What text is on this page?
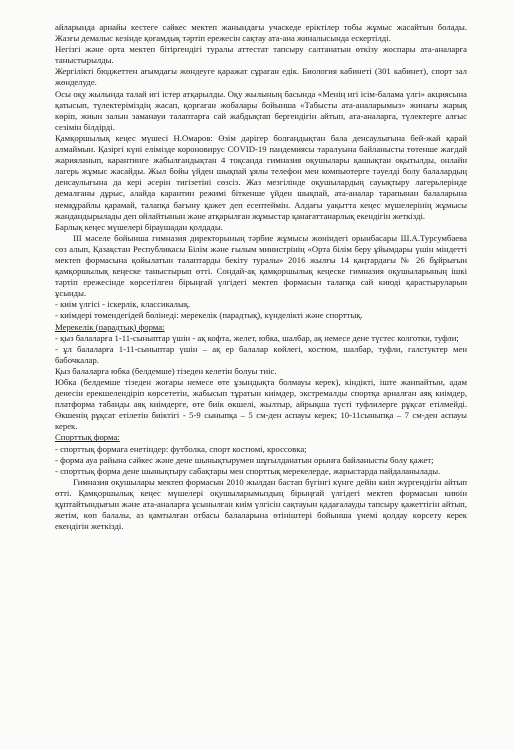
айларында арнайы кестеге сәйкес мектеп жанындағы учаскеде еріктілер тобы жұмыс жасайтын болады. Жазғы демалыс кезінде қоғамдық тәртіп ережесін сақтау ата-ана жиналысында ескертілді.

Негізгі және орта мектеп бітіргендігі туралы аттестат тапсыру салтанатын өткізу жоспары ата-аналарға таныстырылды.

Жергіліктi бюджеттен ағымдағы жөндеуге қаражат сұраған едік. Биология кабинеті (301 кабинет), спорт зал жөнделуде.

Осы оқу жылында талай игі істер атқарылды. Оқу жылының басында «Менің игі ісім-балама үлгі» акциясына қатысып, түлектеріміздің жасап, қорғаған жобалары бойынша «Табысты ата-аналарымыз» жинағы жарық көріп, жиын залын заманауи талаптарға сай жабдықтап бергендігін айтып, ата-аналарға, түлектерге алғыс сезімін білдірді.

Қамқоршылық кеңес мүшесі Н.Омаров: Өзім дәрігер болғандықтан бала денсаулығына бей-жай қарай алмаймын. Қазіргі күні елімізде короновирус COVID-19 пандемиясы таралуына байланысты төтенше жағдай жарияланып, карантинге жабылғандықтан 4 тоқсанда гимназия оқушылары қашықтан оқытылды, онлайн лагерь жұмыс жасайды. Жыл бойы үйден шықпай ұялы телефон мен компьютерге тәуелді болу балалардың денсаулығына да кері әсерін тигізетіні сөзсіз. Жаз мезгілінде оқушылардың сауықтыру лагерьлерінде демалғаны дұрыс, алайда карантин режимі біткенше үйден шықпай, ата-аналар тарапынан балаларына немқұрайлы қарамай, талапқа бағыну қажет деп есептеймін. Алдағы уақытта кеңес мүшелерінің жұмысы жандандырылады деп ойлайтынын және атқарылған жұмыстар қанағаттанарлық екендігін жеткізді.

Барлық кеңес мүшелері біраушадан қолдады.

ІІІ мәселе бойынша гимназия директорының тәрбие жұмысы жөніндегі орынбасары Ш.А.Турсумбаева сөз алып, Қазақстан Республикасы Білім және ғылым министрінің «Орта білім беру ұйымдары үшін міндетті мектеп формасына қойылатын талаптарды бекіту туралы» 2016 жылғы 14 қаңтардағы № 26 бұйрығын қамқоршылық кеңеске таныстырып өтті. Сондай-ақ қамқоршылық кеңеске гимназия оқушыларының ішкі тәртіп ережесінде көрсетілген бірыңғай үлгідегі мектеп формасын талапқа сай киюді қарастыруларын ұсынды.

- киім үлгісі - іскерлік, классикалық.

- киімдері төмендегідей бөлінеді: мерекелік (парадтық), күнделікті және спорттық.

Мерекелік (парадтық) форма:

- қыз балаларға 1-11-сыныптар үшін - ақ кофта, желет, юбка, шалбар, ақ немесе дене түстес колготки, туфли;

- ұл балаларға 1-11-сыныптар үшін – ақ ер балалар көйлегі, костюм, шалбар, туфли, галстуктер мен бабочкалар.

Қыз балаларға юбка (белдемше) тізеден келетін болуы тиіс.

Юбка (белдемше тізеден жоғары немесе өте ұзындықта болмауы керек), кіндікті, іште жанпайтын, адам денесін ерекшелендіріп көрсететін, жабысып тұратын киімдер, экстремалды спортқа арналған аяқ киімдер, платформа табанды аяқ киімдерге, өте биік өкшелі, жылтыр, айрықша түсті туфлилерге рұқсат етілмейді. Өкшенің рұқсат етілетін биіктігі - 5-9 сыныпқа – 5 см-ден аспауы керек; 10-11сыныпқа – 7 см-ден аспауы керек.

Спорттық форма:

- спорттық формаға енетіндер: футболка, спорт костюмі, кроссовка;

- форма ауа райына сәйкес және дене шынықтырумен шұғылданатын орынға байланысты болу қажет;

- спорттық форма дене шынықтыру сабақтары мен спорттық мерекелерде, жарыстарда пайдаланылады.

Гимназия оқушылары мектеп формасын 2010 жылдан бастап бүгінгі күнге дейін киіп жүргендігін айтып өтті. Қамқоршылық кеңес мүшелері оқушыларымыздың бірыңғай үлгідегі мектеп формасын киюін құптайтындығын және ата-аналарға ұсынылған киім үлгісін сақтауын қадағалауды тапсыру қажеттігін айтып, жетім, көп балалы, аз қамтылған отбасы балаларына өтініштері бойынша үнемі қолдау көрсету керек екендігін жеткізді.
